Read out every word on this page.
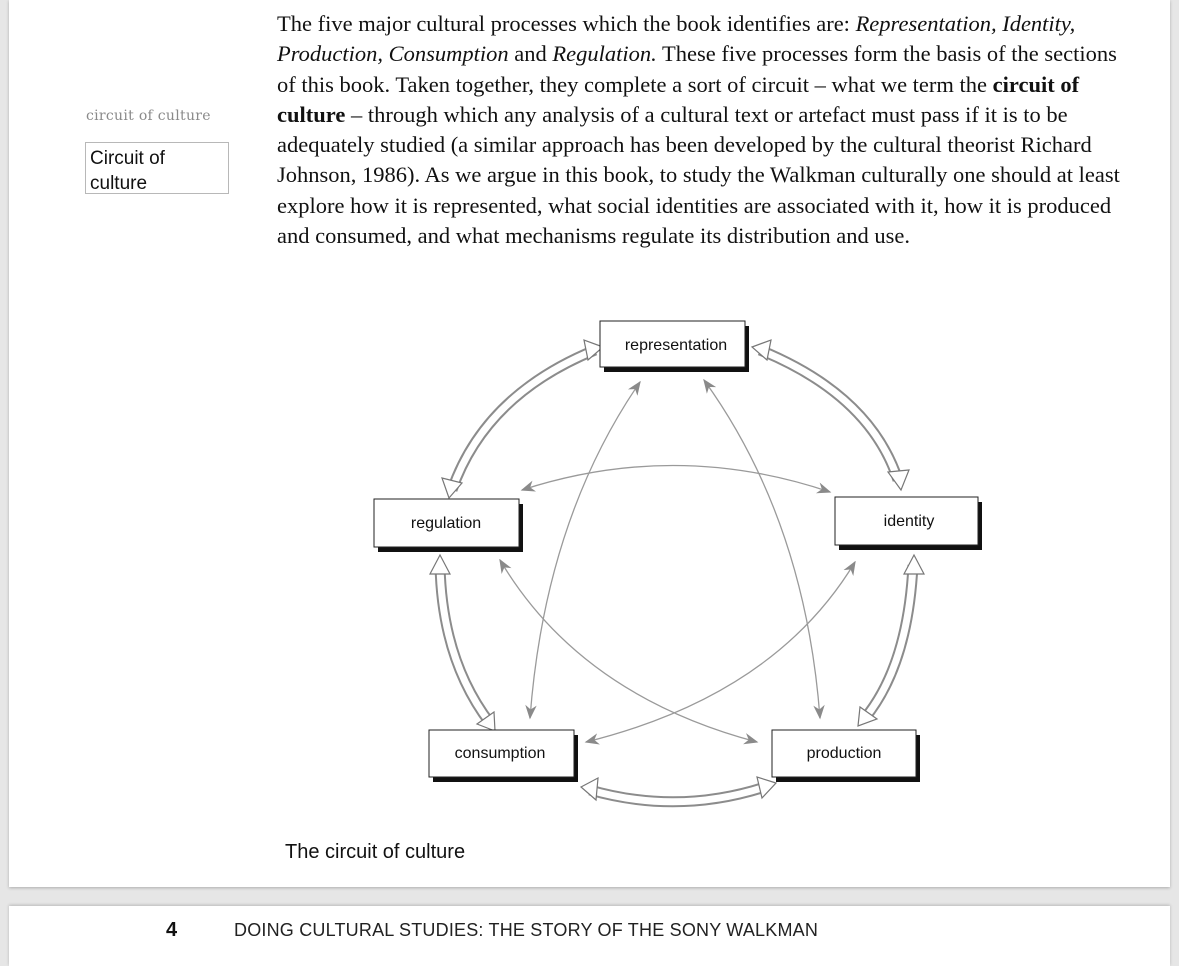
circuit of culture
Circuit of culture

The five major cultural processes which the book identifies are: Representation, Identity, Production, Consumption and Regulation. These five processes form the basis of the sections of this book. Taken together, they complete a sort of circuit – what we term the circuit of culture – through which any analysis of a cultural text or artefact must pass if it is to be adequately studied (a similar approach has been developed by the cultural theorist Richard Johnson, 1986). As we argue in this book, to study the Walkman culturally one should at least explore how it is represented, what social identities are associated with it, how it is produced and consumed, and what mechanisms regulate its distribution and use.

representation
identity
regulation
consumption	production
The circuit of culture
4	DOING CULTURAL STUDIES: THE STORY OF THE SONY WALKMAN
